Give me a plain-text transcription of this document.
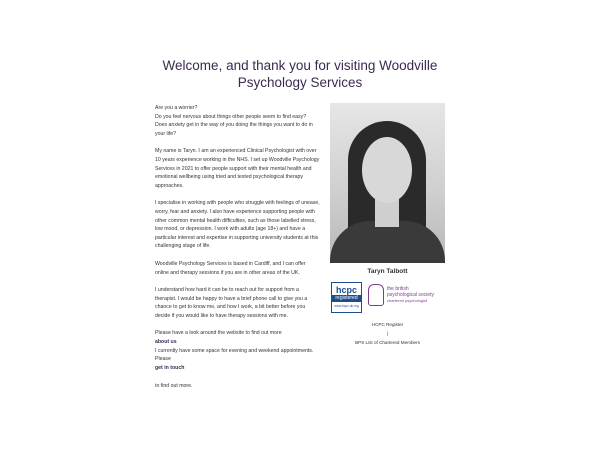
Welcome, and thank you for visiting Woodville Psychology Services

Are you a worrier?
Do you feel nervous about things other people seem to find easy?
Does anxiety get in the way of you doing the things you want to do in your life?

My name is Taryn. I am an experienced Clinical Psychologist with over 10 years experience working in the NHS. I set up Woodville Psychology Services in 2021 to offer people support with their mental health and emotional wellbeing using tried and tested psychological therapy approaches.

I specialise in working with people who struggle with feelings of unease, worry, fear and anxiety. I also have experience supporting people with other common mental health difficulties, such as those labelled stress, low mood, or depression. I work with adults (age 18+) and have a particular interest and expertise in supporting university students at this challenging stage of life.

Woodville Psychology Services is based in Cardiff, and I can offer online and therapy sessions if you are in other areas of the UK.

I understand how hard it can be to reach out for support from a therapist. I would be happy to have a brief phone call to give you a chance to get to know me, and how I work, a bit better before you decide if you would like to have therapy sessions with me.

Please have a look around the website to find out more
about us
I currently have some space for evening and weekend appointments. Please
get in touch

to find out more.

Taryn Talbott
hcpc
registered
www.hcpc-uk.org
the british
psychological society
chartered psychologist
HCPC Register
|
BPS List of Chartered Members
